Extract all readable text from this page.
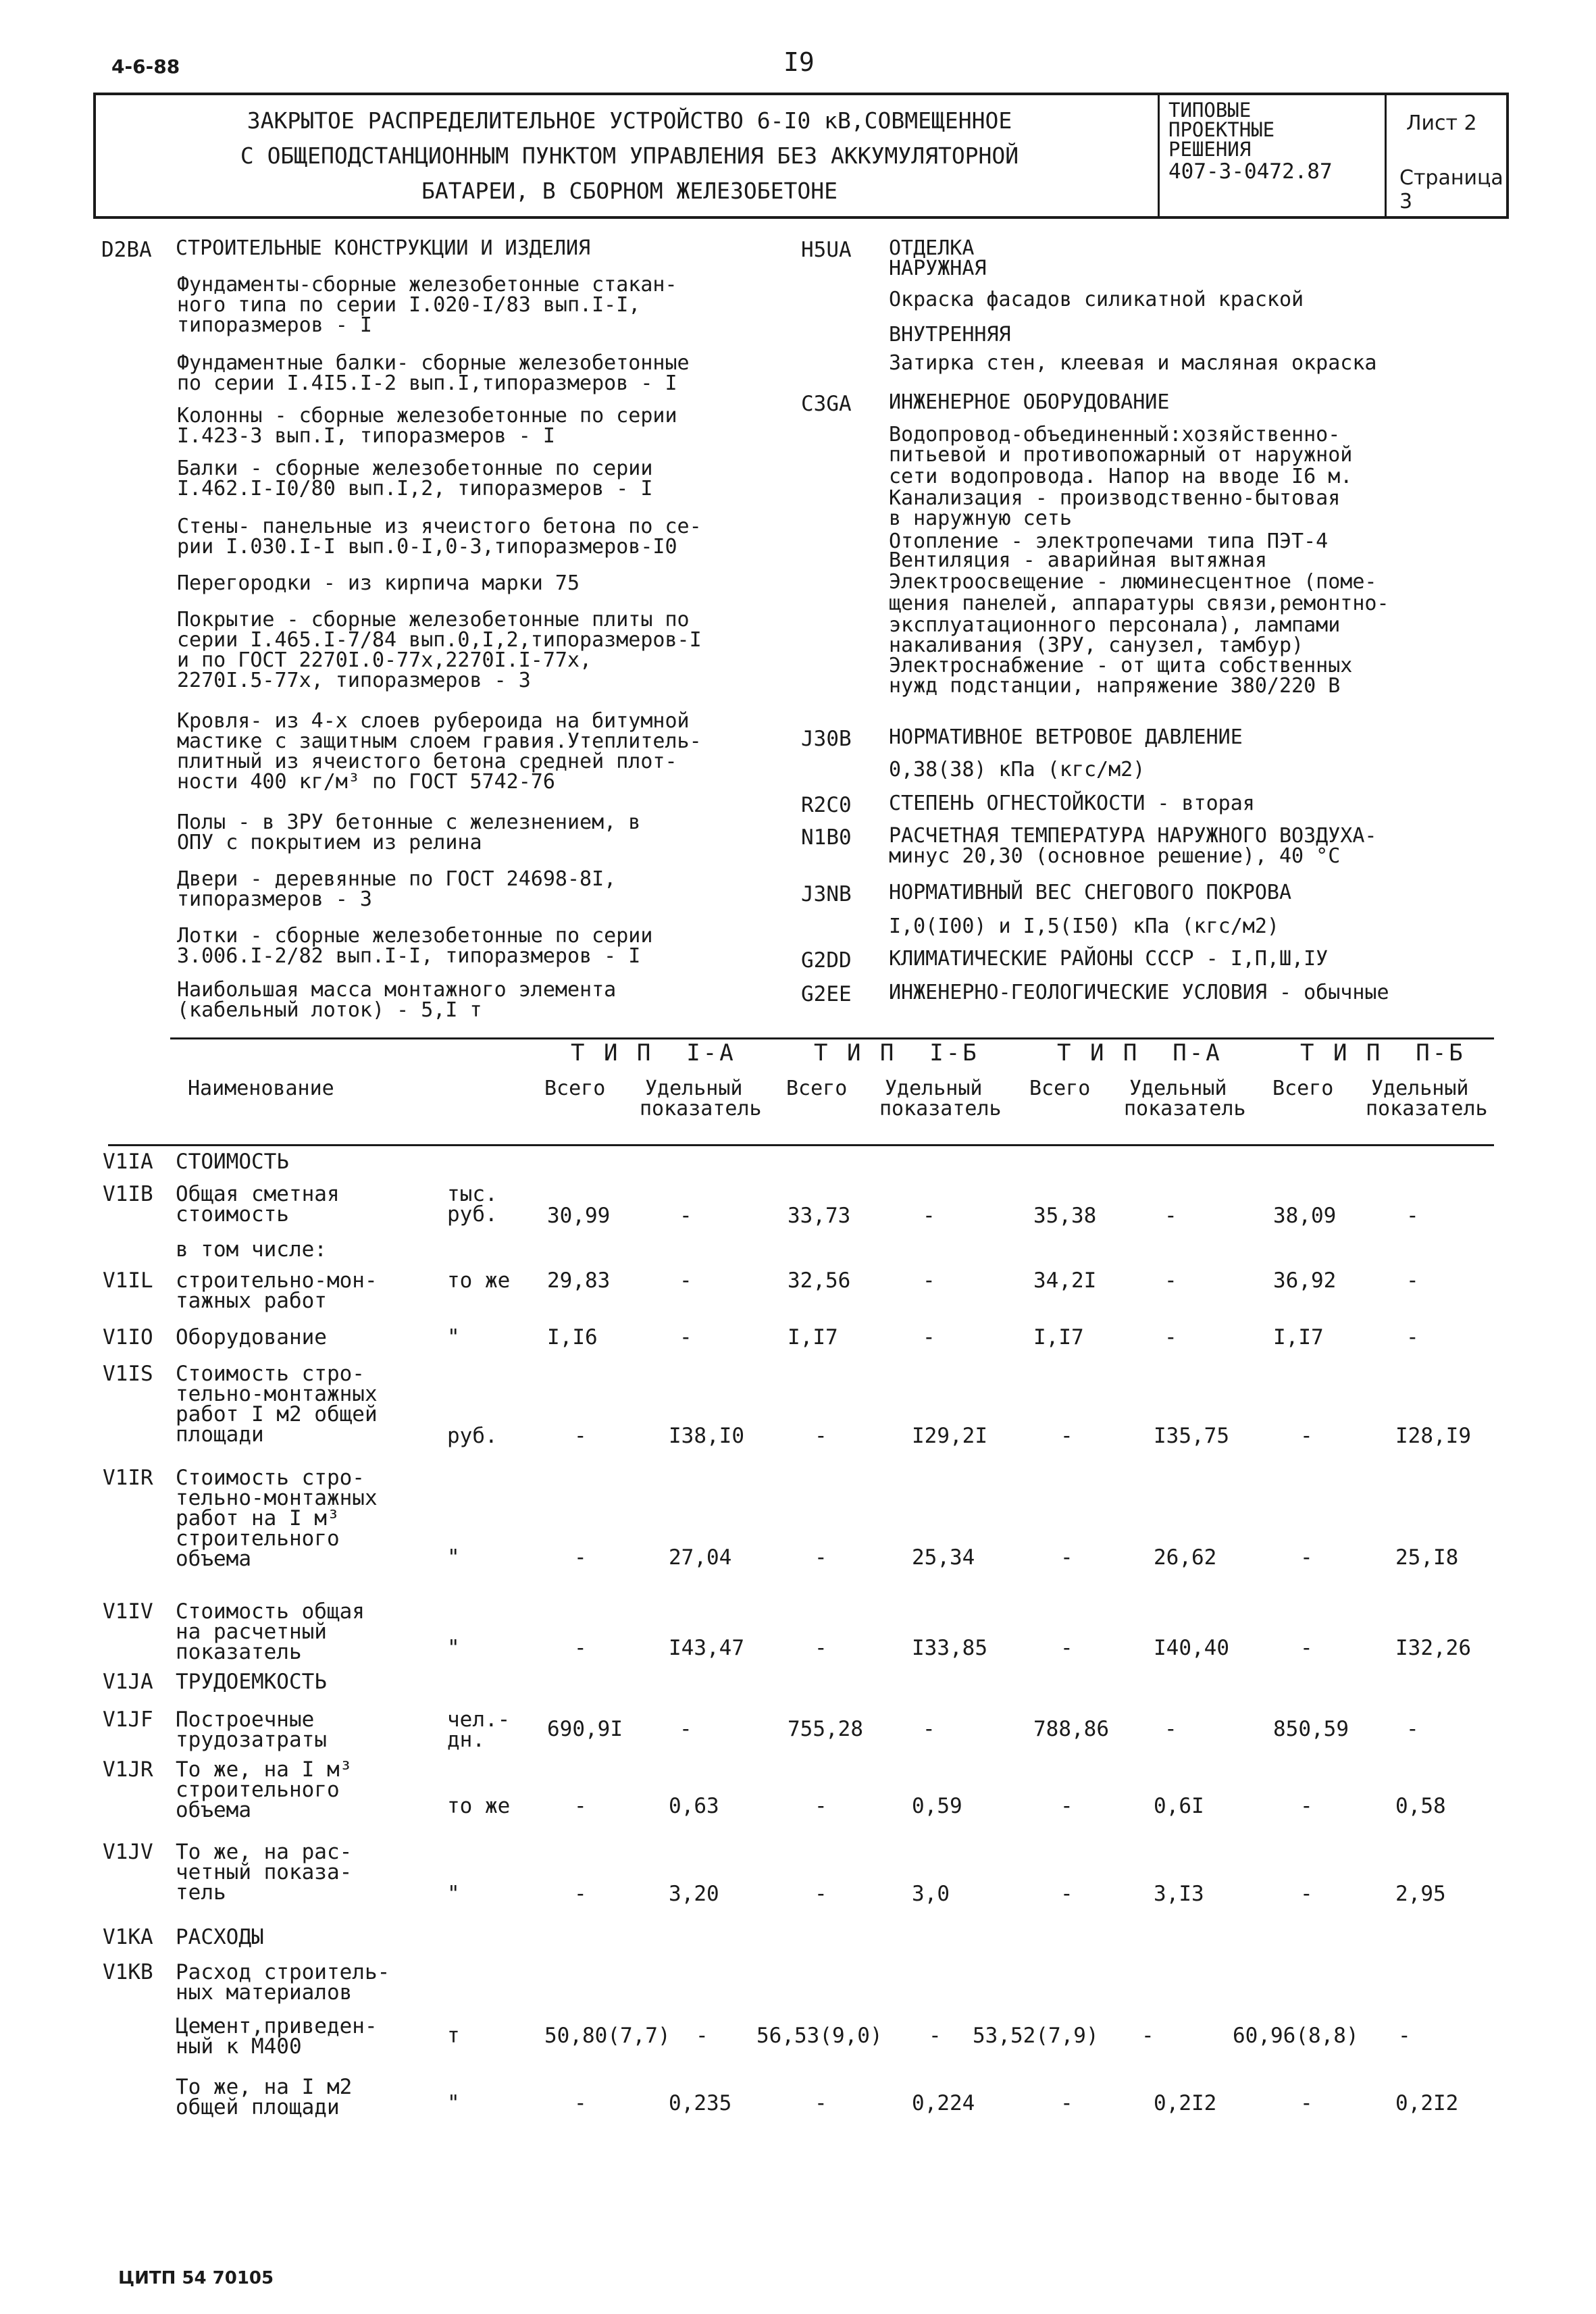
4-6-88	I9
ЗАКРЫТОЕ РАСПРЕДЕЛИТЕЛЬНОЕ УСТРОЙСТВО 6-I0 кВ,СОВМЕЩЕННОЕ
С ОБЩЕПОДСТАНЦИОННЫМ ПУНКТОМ УПРАВЛЕНИЯ БЕЗ АККУМУЛЯТОРНОЙ
БАТАРЕИ, В СБОРНОМ ЖЕЛЕЗОБЕТОНЕ
ТИПОВЫЕ
ПРОЕКТНЫЕ
РЕШЕНИЯ
407-3-0472.87
Лист 2
Страница 3
D2BA СТРОИТЕЛЬНЫЕ КОНСТРУКЦИИ И ИЗДЕЛИЯ
Фундаменты-сборные железобетонные стакан-
ного типа по серии I.020-I/83 вып.I-I,
типоразмеров - I
Фундаментные балки- сборные железобетонные
по серии I.4I5.I-2 вып.I,типоразмеров - I
Колонны - сборные железобетонные по серии
I.423-3 вып.I, типоразмеров - I
Балки - сборные железобетонные по серии
I.462.I-I0/80 вып.I,2, типоразмеров - I
Стены- панельные из ячеистого бетона по се-
рии I.030.I-I вып.0-I,0-3,типоразмеров-I0
Перегородки - из кирпича марки 75
Покрытие - сборные железобетонные плиты по
серии I.465.I-7/84 вып.0,I,2,типоразмеров-I
и по ГОСТ 2270I.0-77х,2270I.I-77х,
2270I.5-77х, типоразмеров - 3
Кровля- из 4-х слоев рубероида на битумной
мастике с защитным слоем гравия.Утеплитель-
плитный из ячеистого бетона средней плот-
ности 400 кг/м³ по ГОСТ 5742-76
Полы - в ЗРУ бетонные с железнением, в
ОПУ с покрытием из релина
Двери - деревянные по ГОСТ 24698-8I,
типоразмеров - 3
Лотки - сборные железобетонные по серии
3.006.I-2/82 вып.I-I, типоразмеров - I
Наибольшая масса монтажного элемента
(кабельный лоток) - 5,I т
H5UA ОТДЕЛКА
НАРУЖНАЯ
Окраска фасадов силикатной краской
ВНУТРЕННЯЯ
Затирка стен, клеевая и масляная окраска
C3GA ИНЖЕНЕРНОЕ ОБОРУДОВАНИЕ
Водопровод-объединенный:хозяйственно-
питьевой и противопожарный от наружной
сети водопровода. Напор на вводе I6 м.
Канализация - производственно-бытовая
в наружную сеть
Отопление - электропечами типа ПЭТ-4
Вентиляция - аварийная вытяжная
Электроосвещение - люминесцентное (поме-
щения панелей, аппаратуры связи,ремонтно-
эксплуатационного персонала), лампами
накаливания (ЗРУ, санузел, тамбур)
Электроснабжение - от щита собственных
нужд подстанции, напряжение 380/220 В
J30B НОРМАТИВНОЕ ВЕТРОВОЕ ДАВЛЕНИЕ
0,38(38) кПа (кгс/м2)
R2C0 СТЕПЕНЬ ОГНЕСТОЙКОСТИ - вторая
N1B0 РАСЧЕТНАЯ ТЕМПЕРАТУРА НАРУЖНОГО ВОЗДУХА-
минус 20,30 (основное решение), 40 °С
J3NB НОРМАТИВНЫЙ ВЕС СНЕГОВОГО ПОКРОВА
I,0(I00) и I,5(I50) кПа (кгс/м2)
G2DD КЛИМАТИЧЕСКИЕ РАЙОНЫ СССР - I,П,Ш,IУ
G2EE ИНЖЕНЕРНО-ГЕОЛОГИЧЕСКИЕ УСЛОВИЯ - обычные
Наименование
Т И П  I-А
Всего Удельный
показатель
Т И П  I-Б
Всего Удельный
показатель
Т И П  П-А
Всего Удельный
показатель
Т И П  П-Б
Всего Удельный
показатель
V1IA СТОИМОСТЬ
V1IB Общая сметная
стоимость
тыс.
руб. 30,99	-	33,73	-	35,38	-	38,09	-
в том числе:
V1IL строительно-мон-
тажных работ
то же 29,83	-	32,56	-	34,2I	-	36,92	-
V1IO Оборудование	"	I,I6	-	I,I7	-	I,I7	-	I,I7	-
V1IS Стоимость стро-
тельно-монтажных
работ I м2 общей
площади	руб.	-	I38,I0	-	I29,2I	-	I35,75	-	I28,I9
V1IR Стоимость стро-
тельно-монтажных
работ на I м³
строительного
объема	"	-	27,04	-	25,34	-	26,62	-	25,I8
V1IV Стоимость общая
на расчетный
показатель	"	-	I43,47	-	I33,85	-	I40,40	-	I32,26
V1JA ТРУДОЕМКОСТЬ
V1JF Построечные
трудозатраты
чел.-
дн.	690,9I	-	755,28	-	788,86	-	850,59	-
V1JR То же, на I м³
строительного
объема	то же	-	0,63	-	0,59	-	0,6I	-	0,58
V1JV То же, на рас-
четный показа-
тель	"	-	3,20	-	3,0	-	3,I3	-	2,95
V1KA РАСХОДЫ
V1KB Расход строитель-
ных материалов
Цемент,приведен-
ный к М400	т	50,80(7,7) - 56,53(9,0) - 53,52(7,9) -	60,96(8,8) -
То же, на I м2
общей площади	"	-	0,235	-	0,224	-	0,2I2	-	0,2I2
ЦИТП 54 70105
